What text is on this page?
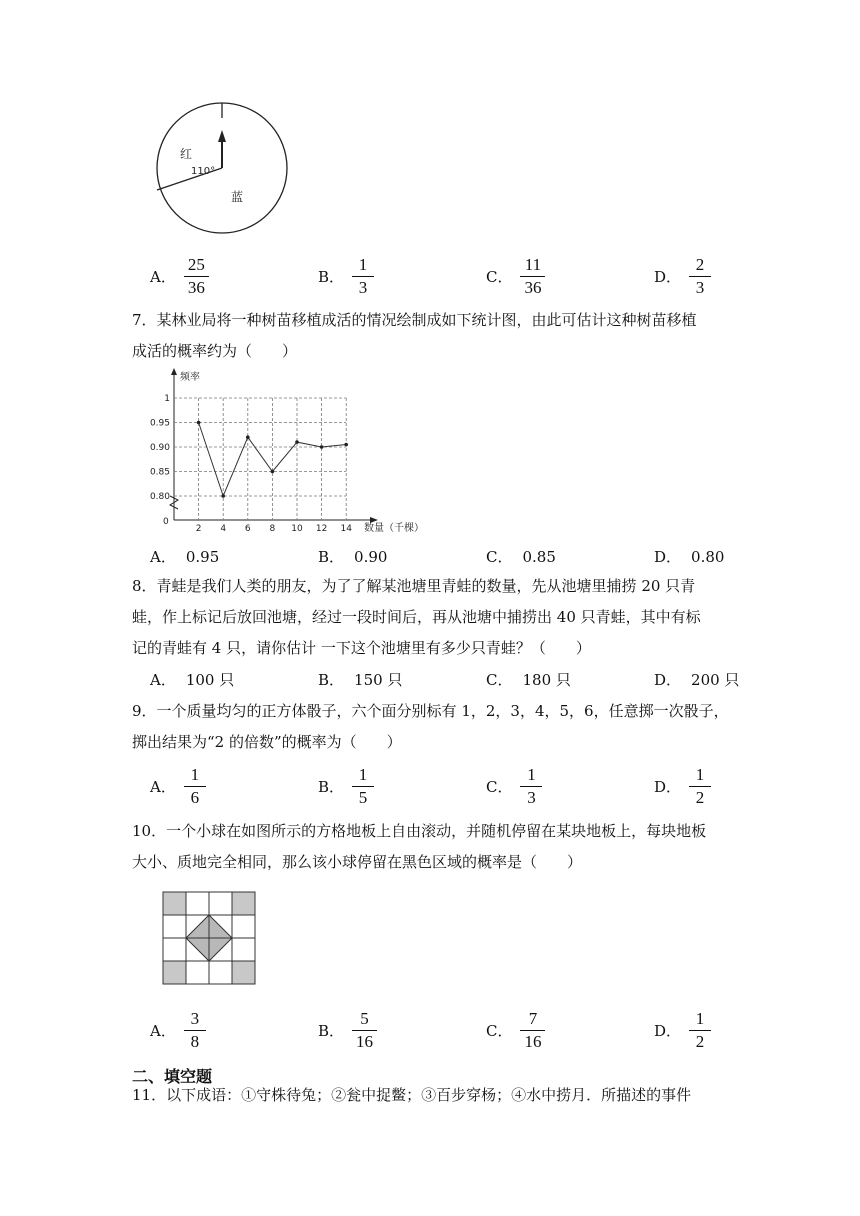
红
110°
蓝
A． $\frac{25}{36}$	B． $\frac{1}{3}$	C． $\frac{11}{36}$	D． $\frac{2}{3}$
7．某林业局将一种树苗移植成活的情况绘制成如下统计图，由此可估计这种树苗移植
成活的概率约为（　　）
2 4 6 8 10 12 14
0.80
0.85
0.90
0.95
1
频率
数量（千棵）
0
A． 0.95	B． 0.90	C． 0.85	D． 0.80
8．青蛙是我们人类的朋友，为了了解某池塘里青蛙的数量，先从池塘里捕捞 20 只青
蛙，作上标记后放回池塘，经过一段时间后，再从池塘中捕捞出 40 只青蛙，其中有标
记的青蛙有 4 只，请你估计 一下这个池塘里有多少只青蛙？（　　）
A． 100 只	B． 150 只	C． 180 只	D． 200 只
9．一个质量均匀的正方体骰子，六个面分别标有 1，2，3，4，5，6，任意掷一次骰子，
掷出结果为“2 的倍数”的概率为（　　）
A． $\frac{1}{6}$	B． $\frac{1}{5}$	C． $\frac{1}{3}$	D． $\frac{1}{2}$
10．一个小球在如图所示的方格地板上自由滚动，并随机停留在某块地板上，每块地板
大小、质地完全相同，那么该小球停留在黑色区域的概率是（　　）
A． $\frac{3}{8}$	B． $\frac{5}{16}$	C． $\frac{7}{16}$	D． $\frac{1}{2}$
二、填空题
11．以下成语：①守株待兔；②瓮中捉鳖；③百步穿杨；④水中捞月．所描述的事件
